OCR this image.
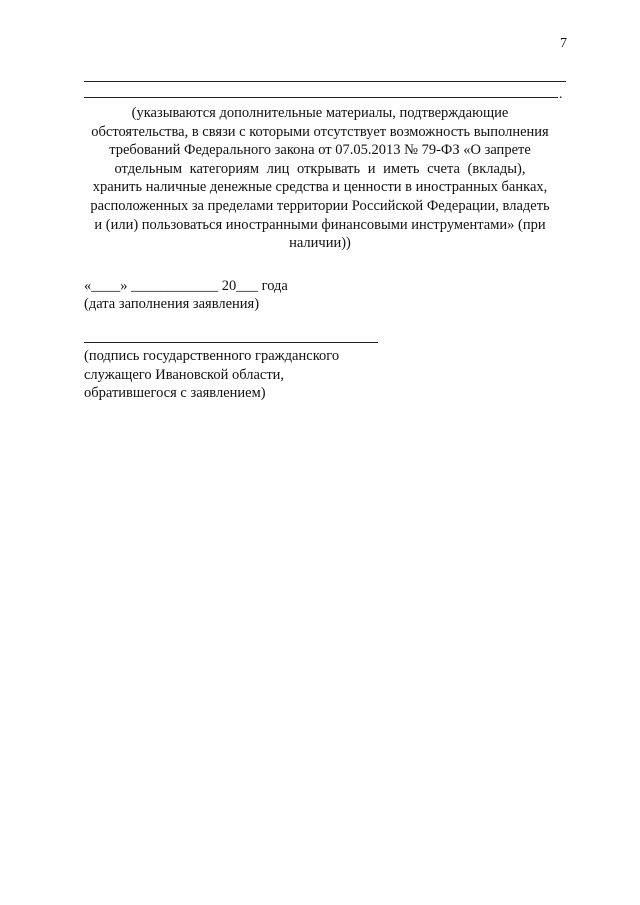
7
.
(указываются дополнительные материалы, подтверждающие
обстоятельства, в связи с которыми отсутствует возможность выполнения
требований Федерального закона от 07.05.2013 № 79-ФЗ «О запрете
отдельным категориям лиц открывать и иметь счета (вклады),
хранить наличные денежные средства и ценности в иностранных банках,
расположенных за пределами территории Российской Федерации, владеть
и (или) пользоваться иностранными финансовыми инструментами» (при
наличии))
«____» ____________ 20___ года
(дата заполнения заявления)
(подпись государственного гражданского
служащего Ивановской области,
обратившегося с заявлением)
